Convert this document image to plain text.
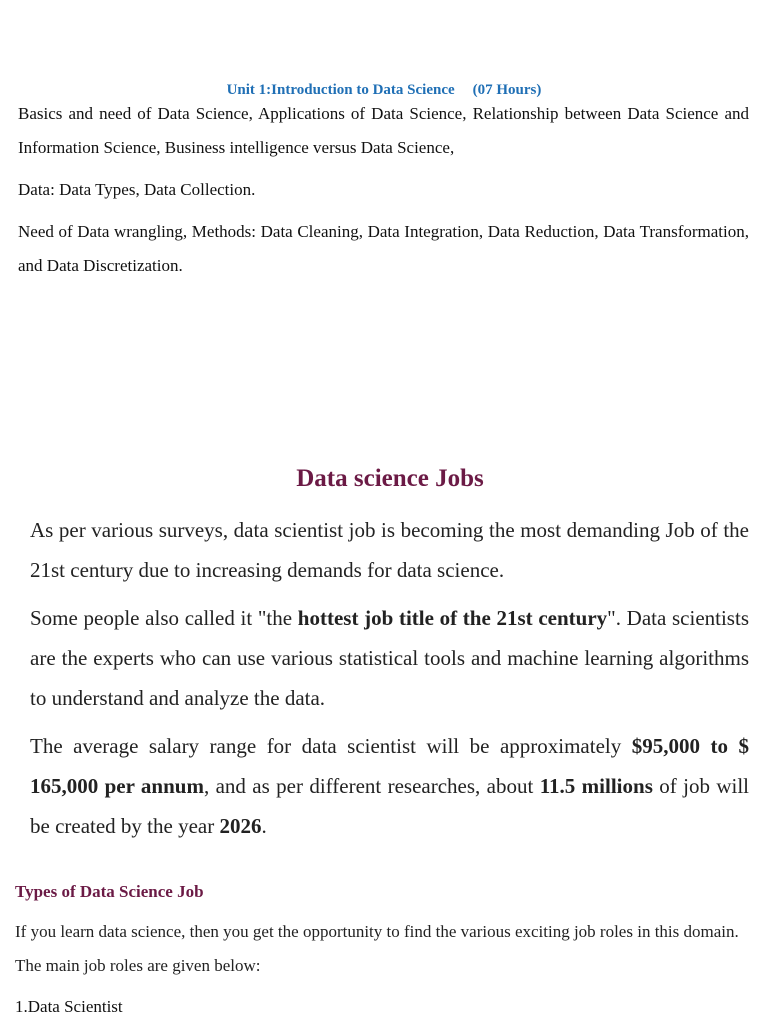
Unit 1:Introduction to Data Science (07 Hours)

Basics and need of Data Science, Applications of Data Science, Relationship between Data Science and Information Science, Business intelligence versus Data Science,

Data: Data Types, Data Collection.

Need of Data wrangling, Methods: Data Cleaning, Data Integration, Data Reduction, Data Transformation, and Data Discretization.

Data science Jobs

As per various surveys, data scientist job is becoming the most demanding Job of the 21st century due to increasing demands for data science.

Some people also called it "the hottest job title of the 21st century". Data scientists are the experts who can use various statistical tools and machine learning algorithms to understand and analyze the data.

The average salary range for data scientist will be approximately $95,000 to $ 165,000 per annum, and as per different researches, about 11.5 millions of job will be created by the year 2026.

Types of Data Science Job

If you learn data science, then you get the opportunity to find the various exciting job roles in this domain. The main job roles are given below:

1.Data Scientist
